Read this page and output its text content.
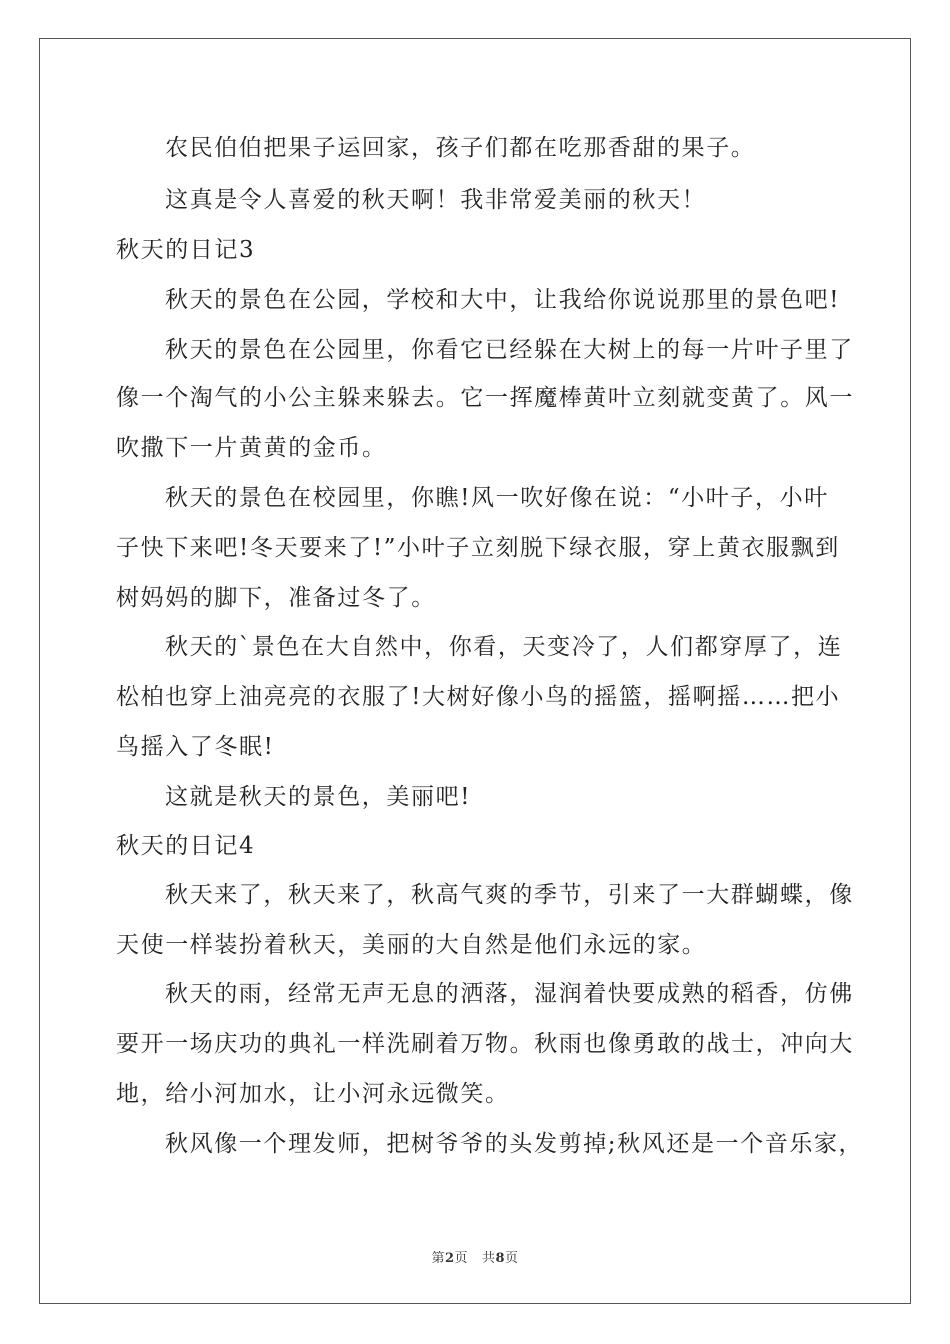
农民伯伯把果子运回家，孩子们都在吃那香甜的果子。
这真是令人喜爱的秋天啊！我非常爱美丽的秋天！
秋天的日记3
秋天的景色在公园，学校和大中，让我给你说说那里的景色吧!
秋天的景色在公园里，你看它已经躲在大树上的每一片叶子里了
像一个淘气的小公主躲来躲去。它一挥魔棒黄叶立刻就变黄了。风一
吹撒下一片黄黄的金币。
秋天的景色在校园里，你瞧!风一吹好像在说：“小叶子，小叶
子快下来吧!冬天要来了!”小叶子立刻脱下绿衣服，穿上黄衣服飘到
树妈妈的脚下，准备过冬了。
秋天的`景色在大自然中，你看，天变冷了，人们都穿厚了，连
松柏也穿上油亮亮的衣服了!大树好像小鸟的摇篮，摇啊摇……把小
鸟摇入了冬眠!
这就是秋天的景色，美丽吧!
秋天的日记4
秋天来了，秋天来了，秋高气爽的季节，引来了一大群蝴蝶，像
天使一样装扮着秋天，美丽的大自然是他们永远的家。
秋天的雨，经常无声无息的洒落，湿润着快要成熟的稻香，仿佛
要开一场庆功的典礼一样洗刷着万物。秋雨也像勇敢的战士，冲向大
地，给小河加水，让小河永远微笑。
秋风像一个理发师，把树爷爷的头发剪掉;秋风还是一个音乐家，
第2页 共8页
